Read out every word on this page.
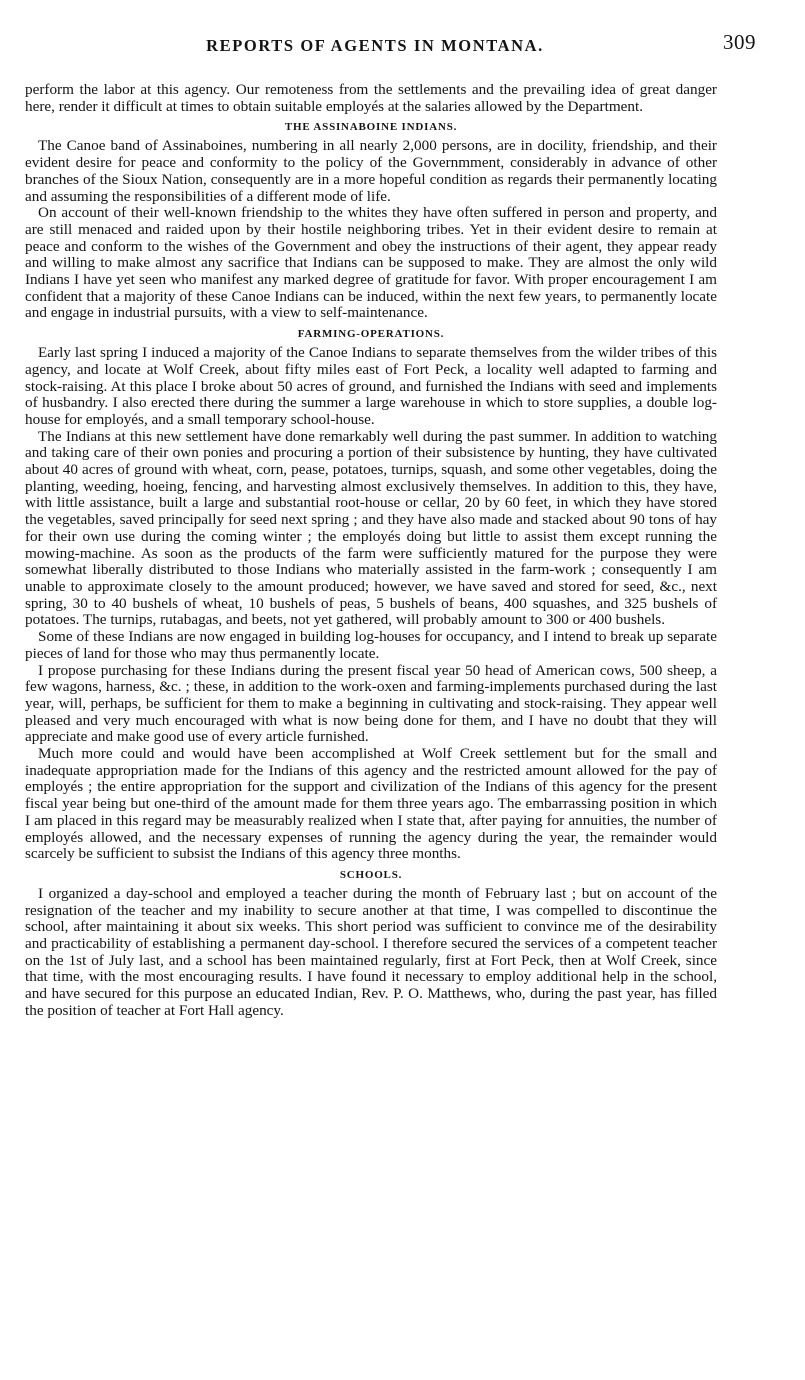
REPORTS OF AGENTS IN MONTANA.	309

perform the labor at this agency. Our remoteness from the settlements and the prevailing idea of great danger here, render it difficult at times to obtain suitable employés at the salaries allowed by the Department.

THE ASSINABOINE INDIANS.

The Canoe band of Assinaboines, numbering in all nearly 2,000 persons, are in docility, friendship, and their evident desire for peace and conformity to the policy of the Governmment, considerably in advance of other branches of the Sioux Nation, consequently are in a more hopeful condition as regards their permanently locating and assuming the responsibilities of a different mode of life.

On account of their well-known friendship to the whites they have often suffered in person and property, and are still menaced and raided upon by their hostile neighboring tribes. Yet in their evident desire to remain at peace and conform to the wishes of the Government and obey the instructions of their agent, they appear ready and willing to make almost any sacrifice that Indians can be supposed to make. They are almost the only wild Indians I have yet seen who manifest any marked degree of gratitude for favor. With proper encouragement I am confident that a majority of these Canoe Indians can be induced, within the next few years, to permanently locate and engage in industrial pursuits, with a view to self-maintenance.

FARMING-OPERATIONS.

Early last spring I induced a majority of the Canoe Indians to separate themselves from the wilder tribes of this agency, and locate at Wolf Creek, about fifty miles east of Fort Peck, a locality well adapted to farming and stock-raising. At this place I broke about 50 acres of ground, and furnished the Indians with seed and implements of husbandry. I also erected there during the summer a large warehouse in which to store supplies, a double log-house for employés, and a small temporary school-house.

The Indians at this new settlement have done remarkably well during the past summer. In addition to watching and taking care of their own ponies and procuring a portion of their subsistence by hunting, they have cultivated about 40 acres of ground with wheat, corn, pease, potatoes, turnips, squash, and some other vegetables, doing the planting, weeding, hoeing, fencing, and harvesting almost exclusively themselves. In addition to this, they have, with little assistance, built a large and substantial root-house or cellar, 20 by 60 feet, in which they have stored the vegetables, saved principally for seed next spring ; and they have also made and stacked about 90 tons of hay for their own use during the coming winter ; the employés doing but little to assist them except running the mowing-machine. As soon as the products of the farm were sufficiently matured for the purpose they were somewhat liberally distributed to those Indians who materially assisted in the farm-work ; consequently I am unable to approximate closely to the amount produced; however, we have saved and stored for seed, &c., next spring, 30 to 40 bushels of wheat, 10 bushels of peas, 5 bushels of beans, 400 squashes, and 325 bushels of potatoes. The turnips, rutabagas, and beets, not yet gathered, will probably amount to 300 or 400 bushels.

Some of these Indians are now engaged in building log-houses for occupancy, and I intend to break up separate pieces of land for those who may thus permanently locate.

I propose purchasing for these Indians during the present fiscal year 50 head of American cows, 500 sheep, a few wagons, harness, &c. ; these, in addition to the work-oxen and farming-implements purchased during the last year, will, perhaps, be sufficient for them to make a beginning in cultivating and stock-raising. They appear well pleased and very much encouraged with what is now being done for them, and I have no doubt that they will appreciate and make good use of every article furnished.

Much more could and would have been accomplished at Wolf Creek settlement but for the small and inadequate appropriation made for the Indians of this agency and the restricted amount allowed for the pay of employés ; the entire appropriation for the support and civilization of the Indians of this agency for the present fiscal year being but one-third of the amount made for them three years ago. The embarrassing position in which I am placed in this regard may be measurably realized when I state that, after paying for annuities, the number of employés allowed, and the necessary expenses of running the agency during the year, the remainder would scarcely be sufficient to subsist the Indians of this agency three months.

SCHOOLS.

I organized a day-school and employed a teacher during the month of February last ; but on account of the resignation of the teacher and my inability to secure another at that time, I was compelled to discontinue the school, after maintaining it about six weeks. This short period was sufficient to convince me of the desirability and practicability of establishing a permanent day-school. I therefore secured the services of a competent teacher on the 1st of July last, and a school has been maintained regularly, first at Fort Peck, then at Wolf Creek, since that time, with the most encouraging results. I have found it necessary to employ additional help in the school, and have secured for this purpose an educated Indian, Rev. P. O. Matthews, who, during the past year, has filled the position of teacher at Fort Hall agency.
